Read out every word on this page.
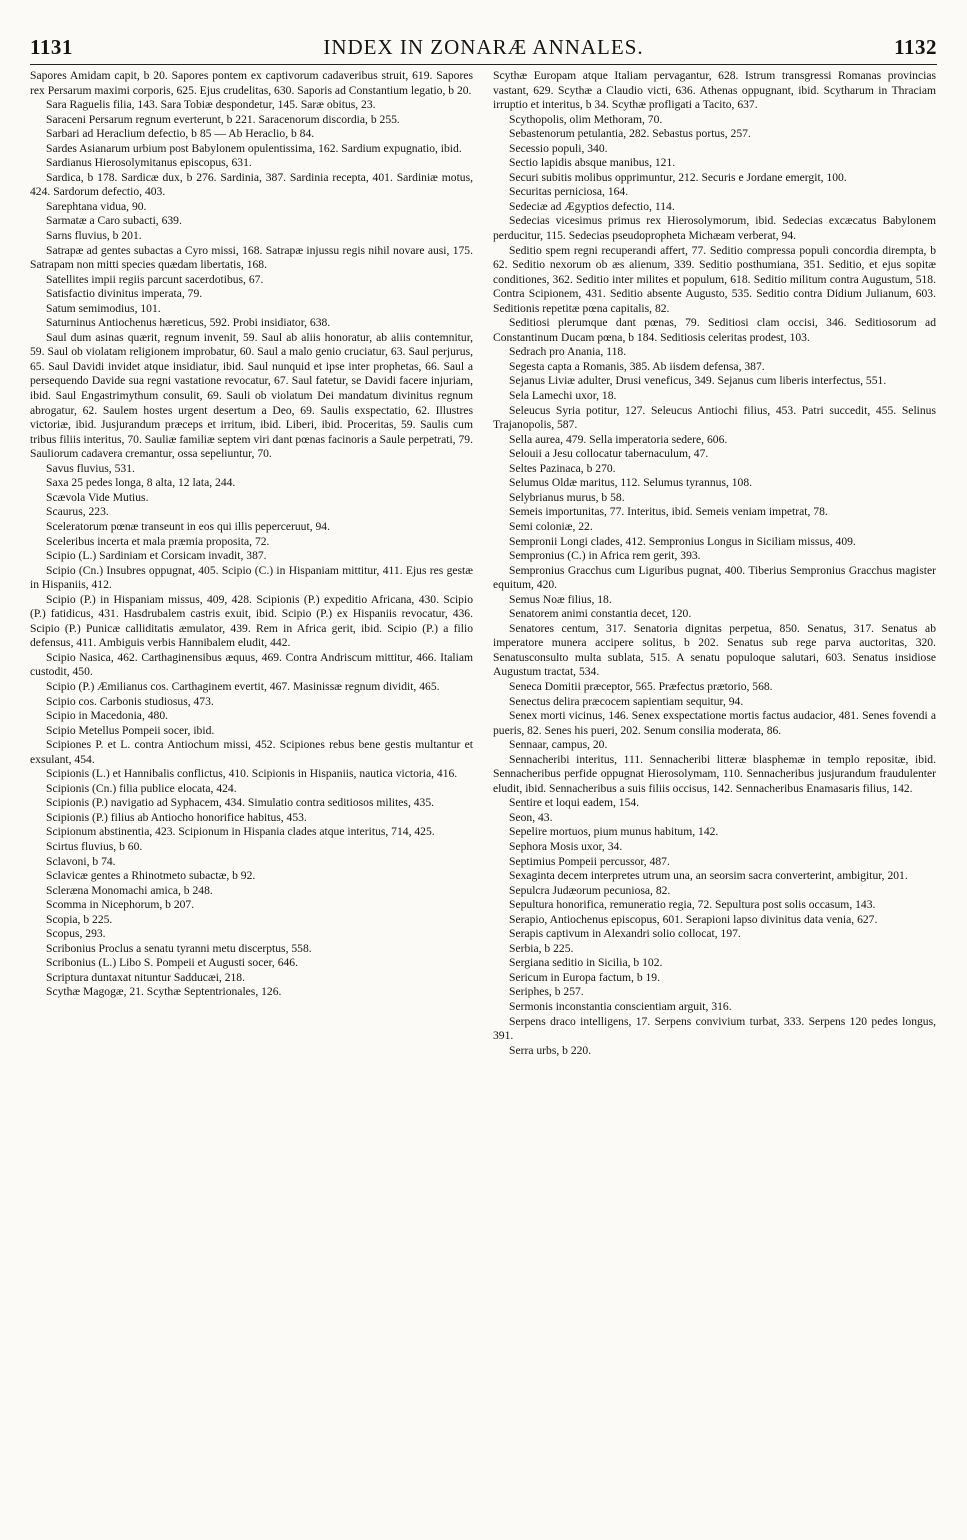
1131	INDEX IN ZONARÆ ANNALES.	1132

Sapores Amidam capit, b 20. Sapores pontem ex captivorum cadaveribus struit, 619. Sapores rex Persarum maximi corporis, 625. Ejus crudelitas, 630. Saporis ad Constantium legatio, b 20.

Sara Raguelis filia, 143. Sara Tobiæ despondetur, 145. Saræ obitus, 23.

Saraceni Persarum regnum everterunt, b 221. Saracenorum discordia, b 255.

Sarbari ad Heraclium defectio, b 85 — Ab Heraclio, b 84.

Sardes Asianarum urbium post Babylonem opulentissima, 162. Sardium expugnatio, ibid.

Sardianus Hierosolymitanus episcopus, 631.

Sardica, b 178. Sardicæ dux, b 276. Sardinia, 387. Sardinia recepta, 401. Sardiniæ motus, 424. Sardorum defectio, 403.

Sarephtana vidua, 90.

Sarmatæ a Caro subacti, 639.

Sarns fluvius, b 201.

Satrapæ ad gentes subactas a Cyro missi, 168. Satrapæ injussu regis nihil novare ausi, 175. Satrapam non mitti species quædam libertatis, 168.

Satellites impii regiis parcunt sacerdotibus, 67.

Satisfactio divinitus imperata, 79.

Satum semimodius, 101.

Saturninus Antiochenus hæreticus, 592. Probi insidiator, 638.

Saul dum asinas quærit, regnum invenit, 59. Saul ab aliis honoratur, ab aliis contemnitur, 59. Saul ob violatam religionem improbatur, 60. Saul a malo genio cruciatur, 63. Saul perjurus, 65. Saul Davidi invidet atque insidiatur, ibid. Saul nunquid et ipse inter prophetas, 66. Saul a persequendo Davide sua regni vastatione revocatur, 67. Saul fatetur, se Davidi facere injuriam, ibid. Saul Engastrimythum consulit, 69. Sauli ob violatum Dei mandatum divinitus regnum abrogatur, 62. Saulem hostes urgent desertum a Deo, 69. Saulis exspectatio, 62. Illustres victoriæ, ibid. Jusjurandum præceps et irritum, ibid. Liberi, ibid. Proceritas, 59. Saulis cum tribus filiis interitus, 70. Sauliæ familiæ septem viri dant pœnas facinoris a Saule perpetrati, 79. Sauliorum cadavera cremantur, ossa sepeliuntur, 70.

Savus fluvius, 531.

Saxa 25 pedes longa, 8 alta, 12 lata, 244.

Scævola Vide Mutius.

Scaurus, 223.

Sceleratorum pœnæ transeunt in eos qui illis peperceruut, 94.

Sceleribus incerta et mala præmia proposita, 72.

Scipio (L.) Sardiniam et Corsicam invadit, 387.

Scipio (Cn.) Insubres oppugnat, 405. Scipio (C.) in Hispaniam mittitur, 411. Ejus res gestæ in Hispaniis, 412.

Scipio (P.) in Hispaniam missus, 409, 428. Scipionis (P.) expeditio Africana, 430. Scipio (P.) fatidicus, 431. Hasdrubalem castris exuit, ibid. Scipio (P.) ex Hispaniis revocatur, 436. Scipio (P.) Punicæ calliditatis æmulator, 439. Rem in Africa gerit, ibid. Scipio (P.) a filio defensus, 411. Ambiguis verbis Hannibalem eludit, 442.

Scipio Nasica, 462. Carthaginensibus æquus, 469. Contra Andriscum mittitur, 466. Italiam custodit, 450.

Scipio (P.) Æmilianus cos. Carthaginem evertit, 467. Masinissæ regnum dividit, 465.

Scipio cos. Carbonis studiosus, 473.

Scipio in Macedonia, 480.

Scipio Metellus Pompeii socer, ibid.

Scipiones P. et L. contra Antiochum missi, 452. Scipiones rebus bene gestis multantur et exsulant, 454.

Scipionis (L.) et Hannibalis conflictus, 410. Scipionis in Hispaniis, nautica victoria, 416.

Scipionis (Cn.) filia publice elocata, 424.

Scipionis (P.) navigatio ad Syphacem, 434. Simulatio contra seditiosos milites, 435.

Scipionis (P.) filius ab Antiocho honorifice habitus, 453.

Scipionum abstinentia, 423. Scipionum in Hispania clades atque interitus, 714, 425.

Scirtus fluvius, b 60.

Sclavoni, b 74.

Sclavicæ gentes a Rhinotmeto subactæ, b 92.

Scleræna Monomachi amica, b 248.

Scomma in Nicephorum, b 207.

Scopia, b 225.

Scopus, 293.

Scribonius Proclus a senatu tyranni metu discerptus, 558.

Scribonius (L.) Libo S. Pompeii et Augusti socer, 646.

Scriptura duntaxat nituntur Sadducæi, 218.

Scythæ Magogæ, 21. Scythæ Septentrionales, 126.

Scythæ Europam atque Italiam pervagantur, 628. Istrum transgressi Romanas provincias vastant, 629. Scythæ a Claudio victi, 636. Athenas oppugnant, ibid. Scytharum in Thraciam irruptio et interitus, b 34. Scythæ profligati a Tacito, 637.

Scythopolis, olim Methoram, 70.

Sebastenorum petulantia, 282. Sebastus portus, 257.

Secessio populi, 340.

Sectio lapidis absque manibus, 121.

Securi subitis molibus opprimuntur, 212. Securis e Jordane emergit, 100.

Securitas perniciosa, 164.

Sedeciæ ad Ægyptios defectio, 114.

Sedecias vicesimus primus rex Hierosolymorum, ibid. Sedecias excæcatus Babylonem perducitur, 115. Sedecias pseudopropheta Michæam verberat, 94.

Seditio spem regni recuperandi affert, 77. Seditio compressa populi concordia dirempta, b 62. Seditio nexorum ob æs alienum, 339. Seditio posthumiana, 351. Seditio, et ejus sopitæ conditiones, 362. Seditio inter milites et populum, 618. Seditio militum contra Augustum, 518. Contra Scipionem, 431. Seditio absente Augusto, 535. Seditio contra Didium Julianum, 603. Seditionis repetitæ pœna capitalis, 82.

Seditiosi plerumque dant pœnas, 79. Seditiosi clam occisi, 346. Seditiosorum ad Constantinum Ducam pœna, b 184. Seditiosis celeritas prodest, 103.

Sedrach pro Anania, 118.

Segesta capta a Romanis, 385. Ab iisdem defensa, 387.

Sejanus Liviæ adulter, Drusi veneficus, 349. Sejanus cum liberis interfectus, 551.

Sela Lamechi uxor, 18.

Seleucus Syria potitur, 127. Seleucus Antiochi filius, 453. Patri succedit, 455. Selinus Trajanopolis, 587.

Sella aurea, 479. Sella imperatoria sedere, 606.

Selouii a Jesu collocatur tabernaculum, 47.

Seltes Pazinaca, b 270.

Selumus Oldæ maritus, 112. Selumus tyrannus, 108.

Selybrianus murus, b 58.

Semeis importunitas, 77. Interitus, ibid. Semeis veniam impetrat, 78.

Semi coloniæ, 22.

Sempronii Longi clades, 412. Sempronius Longus in Siciliam missus, 409.

Sempronius (C.) in Africa rem gerit, 393.

Sempronius Gracchus cum Liguribus pugnat, 400. Tiberius Sempronius Gracchus magister equitum, 420.

Semus Noæ filius, 18.

Senatorem animi constantia decet, 120.

Senatores centum, 317. Senatoria dignitas perpetua, 850. Senatus, 317. Senatus ab imperatore munera accipere solitus, b 202. Senatus sub rege parva auctoritas, 320. Senatusconsulto multa sublata, 515. A senatu populoque salutari, 603. Senatus insidiose Augustum tractat, 534.

Seneca Domitii præceptor, 565. Præfectus prætorio, 568.

Senectus delira præcocem sapientiam sequitur, 94.

Senex morti vicinus, 146. Senex exspectatione mortis factus audacior, 481. Senes fovendi a pueris, 82. Senes his pueri, 202. Senum consilia moderata, 86.

Sennaar, campus, 20.

Sennacheribi interitus, 111. Sennacheribi litteræ blasphemæ in templo repositæ, ibid. Sennacheribus perfide oppugnat Hierosolymam, 110. Sennacheribus jusjurandum fraudulenter eludit, ibid. Sennacheribus a suis filiis occisus, 142. Sennacheribus Enamasaris filius, 142.

Sentire et loqui eadem, 154.

Seon, 43.

Sepelire mortuos, pium munus habitum, 142.

Sephora Mosis uxor, 34.

Septimius Pompeii percussor, 487.

Sexaginta decem interpretes utrum una, an seorsim sacra converterint, ambigitur, 201.

Sepulcra Judæorum pecuniosa, 82.

Sepultura honorifica, remuneratio regia, 72. Sepultura post solis occasum, 143.

Serapio, Antiochenus episcopus, 601. Serapioni lapso divinitus data venia, 627.

Serapis captivum in Alexandri solio collocat, 197.

Serbia, b 225.

Sergiana seditio in Sicilia, b 102.

Sericum in Europa factum, b 19.

Seriphes, b 257.

Sermonis inconstantia conscientiam arguit, 316.

Serpens draco intelligens, 17. Serpens convivium turbat, 333. Serpens 120 pedes longus, 391.

Serra urbs, b 220.
